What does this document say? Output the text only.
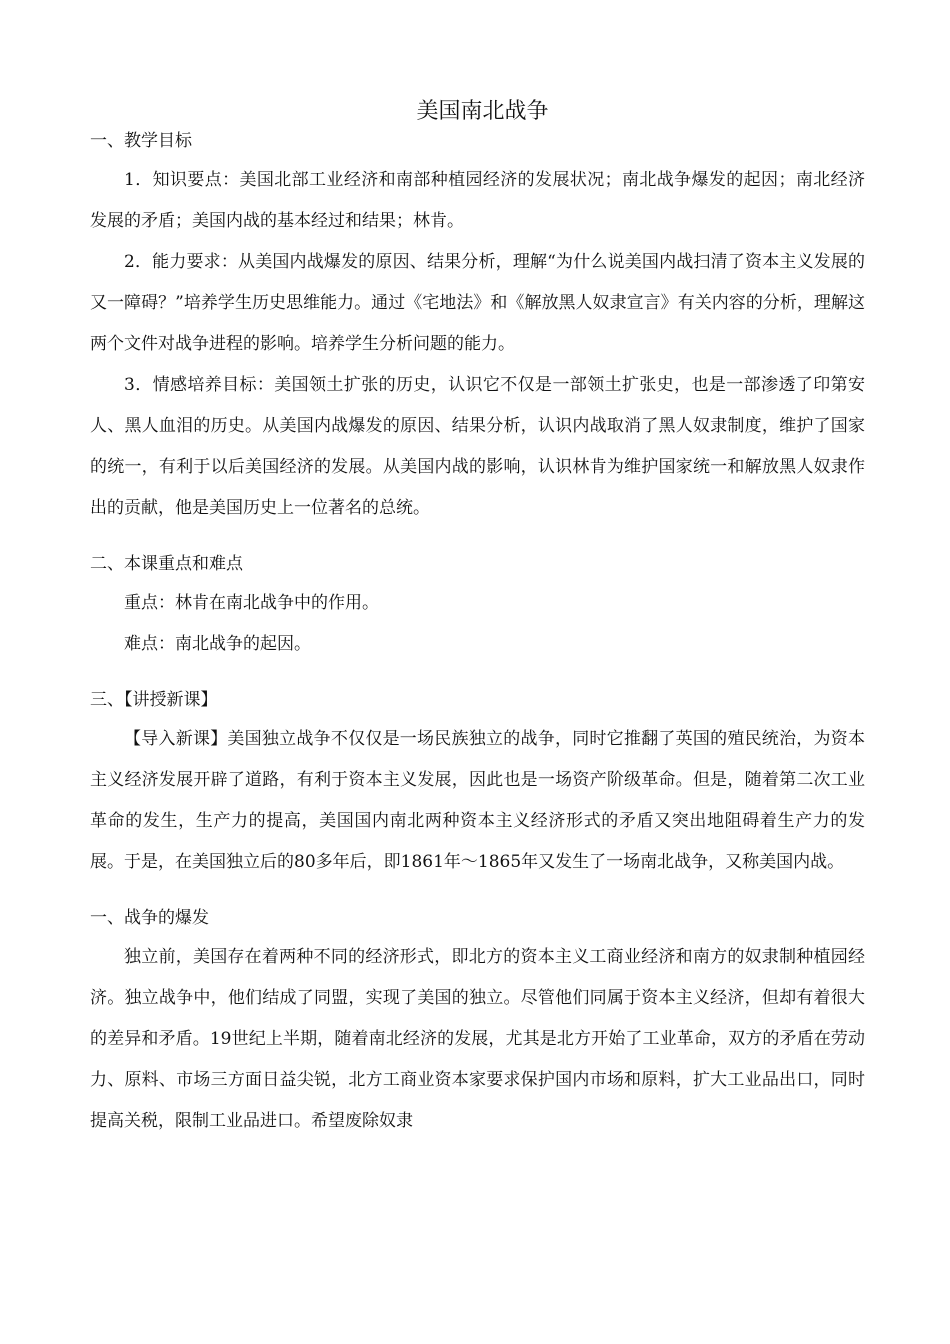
美国南北战争

一、教学目标

1．知识要点：美国北部工业经济和南部种植园经济的发展状况；南北战争爆发的起因；南北经济发展的矛盾；美国内战的基本经过和结果；林肯。

2．能力要求：从美国内战爆发的原因、结果分析，理解“为什么说美国内战扫清了资本主义发展的又一障碍？”培养学生历史思维能力。通过《宅地法》和《解放黑人奴隶宣言》有关内容的分析，理解这两个文件对战争进程的影响。培养学生分析问题的能力。

3．情感培养目标：美国领土扩张的历史，认识它不仅是一部领土扩张史，也是一部渗透了印第安人、黑人血泪的历史。从美国内战爆发的原因、结果分析，认识内战取消了黑人奴隶制度，维护了国家的统一，有利于以后美国经济的发展。从美国内战的影响，认识林肯为维护国家统一和解放黑人奴隶作出的贡献，他是美国历史上一位著名的总统。

二、本课重点和难点

重点：林肯在南北战争中的作用。

难点：南北战争的起因。

三、【讲授新课】

【导入新课】美国独立战争不仅仅是一场民族独立的战争，同时它推翻了英国的殖民统治，为资本主义经济发展开辟了道路，有利于资本主义发展，因此也是一场资产阶级革命。但是，随着第二次工业革命的发生，生产力的提高，美国国内南北两种资本主义经济形式的矛盾又突出地阻碍着生产力的发展。于是，在美国独立后的80多年后，即1861年～1865年又发生了一场南北战争，又称美国内战。

一、战争的爆发

独立前，美国存在着两种不同的经济形式，即北方的资本主义工商业经济和南方的奴隶制种植园经济。独立战争中，他们结成了同盟，实现了美国的独立。尽管他们同属于资本主义经济，但却有着很大的差异和矛盾。19世纪上半期，随着南北经济的发展，尤其是北方开始了工业革命，双方的矛盾在劳动力、原料、市场三方面日益尖锐，北方工商业资本家要求保护国内市场和原料，扩大工业品出口，同时提高关税，限制工业品进口。希望废除奴隶
